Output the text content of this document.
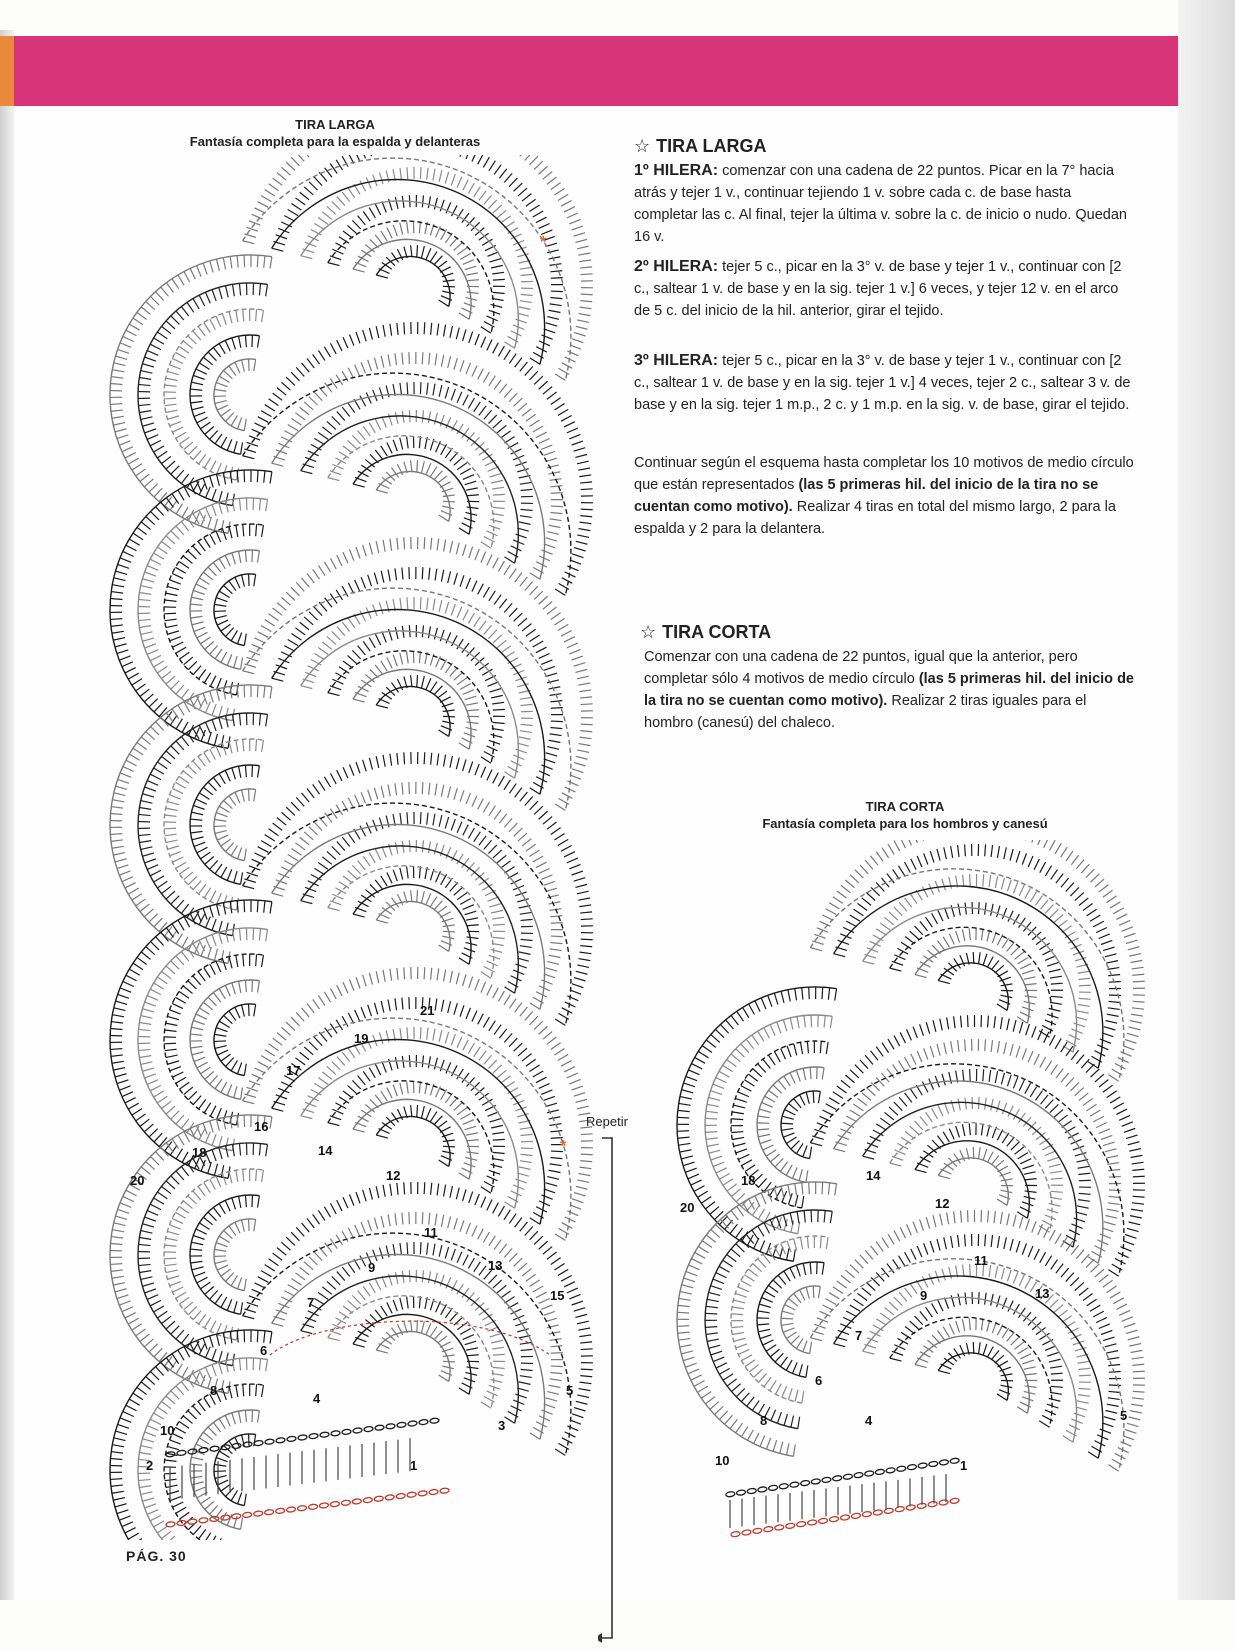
TIRA LARGA
Fantasía completa para la espalda y delanteras
*
*
1
2
3
4
5
6
7
8
9
10
11
12
13
14
15
16
17
18
19
20
21
Repetir
☆ TIRA LARGA
1º HILERA: comenzar con una cadena de 22 puntos. Picar en la 7° hacia atrás y tejer 1 v., continuar tejiendo 1 v. sobre cada c. de base hasta completar las c. Al final, tejer la última v. sobre la c. de inicio o nudo. Quedan 16 v.
2º HILERA: tejer 5 c., picar en la 3° v. de base y tejer 1 v., continuar con [2 c., saltear 1 v. de base y en la sig. tejer 1 v.] 6 veces, y tejer 12 v. en el arco de 5 c. del inicio de la hil. anterior, girar el tejido.
3º HILERA: tejer 5 c., picar en la 3° v. de base y tejer 1 v., continuar con [2 c., saltear 1 v. de base y en la sig. tejer 1 v.] 4 veces, tejer 2 c., saltear 3 v. de base y en la sig. tejer 1 m.p., 2 c. y 1 m.p. en la sig. v. de base, girar el tejido.
Continuar según el esquema hasta completar los 10 motivos de medio círculo que están representados (las 5 primeras hil. del inicio de la tira no se cuentan como motivo). Realizar 4 tiras en total del mismo largo, 2 para la espalda y 2 para la delantera.
☆ TIRA CORTA
Comenzar con una cadena de 22 puntos, igual que la anterior, pero completar sólo 4 motivos de medio círculo (las 5 primeras hil. del inicio de la tira no se cuentan como motivo). Realizar 2 tiras iguales para el hombro (canesú) del chaleco.
TIRA CORTA
Fantasía completa para los hombros y canesú
1
4	5
6
7
8
9
10
11
12
13
14
18
20
PÁG. 30
